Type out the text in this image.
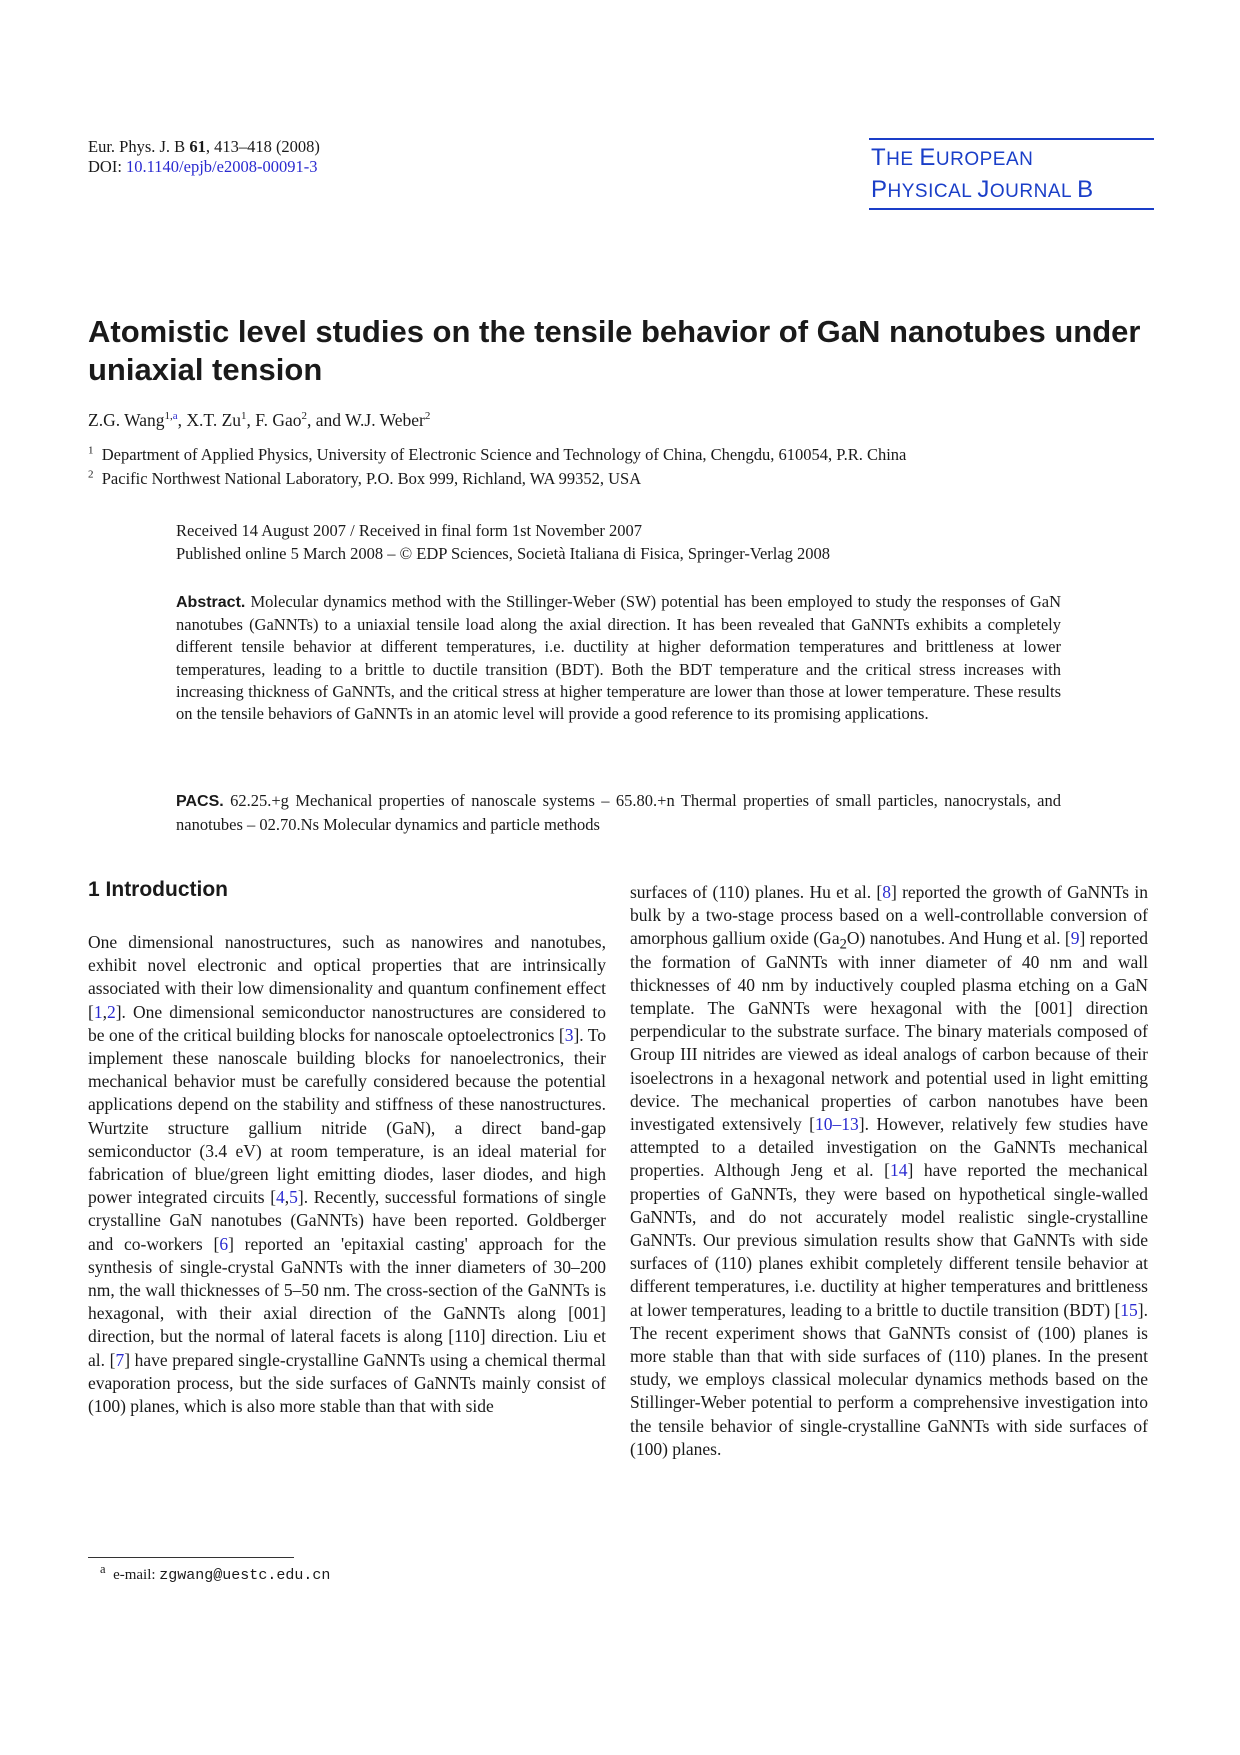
Eur. Phys. J. B 61, 413–418 (2008)
DOI: 10.1140/epjb/e2008-00091-3	THE EUROPEAN
PHYSICAL JOURNAL B
Atomistic level studies on the tensile behavior of GaN nanotubes under uniaxial tension
Z.G. Wang$^{1,a}$, X.T. Zu$^1$, F. Gao$^2$, and W.J. Weber$^2$
$^1$ Department of Applied Physics, University of Electronic Science and Technology of China, Chengdu, 610054, P.R. China
$^2$ Pacific Northwest National Laboratory, P.O. Box 999, Richland, WA 99352, USA
Received 14 August 2007 / Received in final form 1st November 2007
Published online 5 March 2008 – © EDP Sciences, Società Italiana di Fisica, Springer-Verlag 2008
Abstract. Molecular dynamics method with the Stillinger-Weber (SW) potential has been employed to study the responses of GaN nanotubes (GaNNTs) to a uniaxial tensile load along the axial direction. It has been revealed that GaNNTs exhibits a completely different tensile behavior at different temperatures, i.e. ductility at higher deformation temperatures and brittleness at lower temperatures, leading to a brittle to ductile transition (BDT). Both the BDT temperature and the critical stress increases with increasing thickness of GaNNTs, and the critical stress at higher temperature are lower than those at lower temperature. These results on the tensile behaviors of GaNNTs in an atomic level will provide a good reference to its promising applications.
PACS. 62.25.+g Mechanical properties of nanoscale systems – 65.80.+n Thermal properties of small particles, nanocrystals, and nanotubes – 02.70.Ns Molecular dynamics and particle methods
1 Introduction
One dimensional nanostructures, such as nanowires and nanotubes, exhibit novel electronic and optical properties that are intrinsically associated with their low dimensionality and quantum confinement effect [1,2]. One dimensional semiconductor nanostructures are considered to be one of the critical building blocks for nanoscale optoelectronics [3]. To implement these nanoscale building blocks for nanoelectronics, their mechanical behavior must be carefully considered because the potential applications depend on the stability and stiffness of these nanostructures. Wurtzite structure gallium nitride (GaN), a direct band-gap semiconductor (3.4 eV) at room temperature, is an ideal material for fabrication of blue/green light emitting diodes, laser diodes, and high power integrated circuits [4,5]. Recently, successful formations of single crystalline GaN nanotubes (GaNNTs) have been reported. Goldberger and co-workers [6] reported an 'epitaxial casting' approach for the synthesis of single-crystal GaNNTs with the inner diameters of 30–200 nm, the wall thicknesses of 5–50 nm. The cross-section of the GaNNTs is hexagonal, with their axial direction of the GaNNTs along [001] direction, but the normal of lateral facets is along [110] direction. Liu et al. [7] have prepared single-crystalline GaNNTs using a chemical thermal evaporation process, but the side surfaces of GaNNTs mainly consist of (100) planes, which is also more stable than that with side
surfaces of (110) planes. Hu et al. [8] reported the growth of GaNNTs in bulk by a two-stage process based on a well-controllable conversion of amorphous gallium oxide $(Ga_2O)$ nanotubes. And Hung et al. [9] reported the formation of GaNNTs with inner diameter of 40 nm and wall thicknesses of 40 nm by inductively coupled plasma etching on a GaN template. The GaNNTs were hexagonal with the [001] direction perpendicular to the substrate surface. The binary materials composed of Group III nitrides are viewed as ideal analogs of carbon because of their isoelectrons in a hexagonal network and potential used in light emitting device. The mechanical properties of carbon nanotubes have been investigated extensively [10–13]. However, relatively few studies have attempted to a detailed investigation on the GaNNTs mechanical properties. Although Jeng et al. [14] have reported the mechanical properties of GaNNTs, they were based on hypothetical single-walled GaNNTs, and do not accurately model realistic single-crystalline GaNNTs. Our previous simulation results show that GaNNTs with side surfaces of (110) planes exhibit completely different tensile behavior at different temperatures, i.e. ductility at higher temperatures and brittleness at lower temperatures, leading to a brittle to ductile transition (BDT) [15]. The recent experiment shows that GaNNTs consist of (100) planes is more stable than that with side surfaces of (110) planes. In the present study, we employs classical molecular dynamics methods based on the Stillinger-Weber potential to perform a comprehensive investigation into the tensile behavior of single-crystalline GaNNTs with side surfaces of (100) planes.
$^a$ e-mail: zgwang@uestc.edu.cn
